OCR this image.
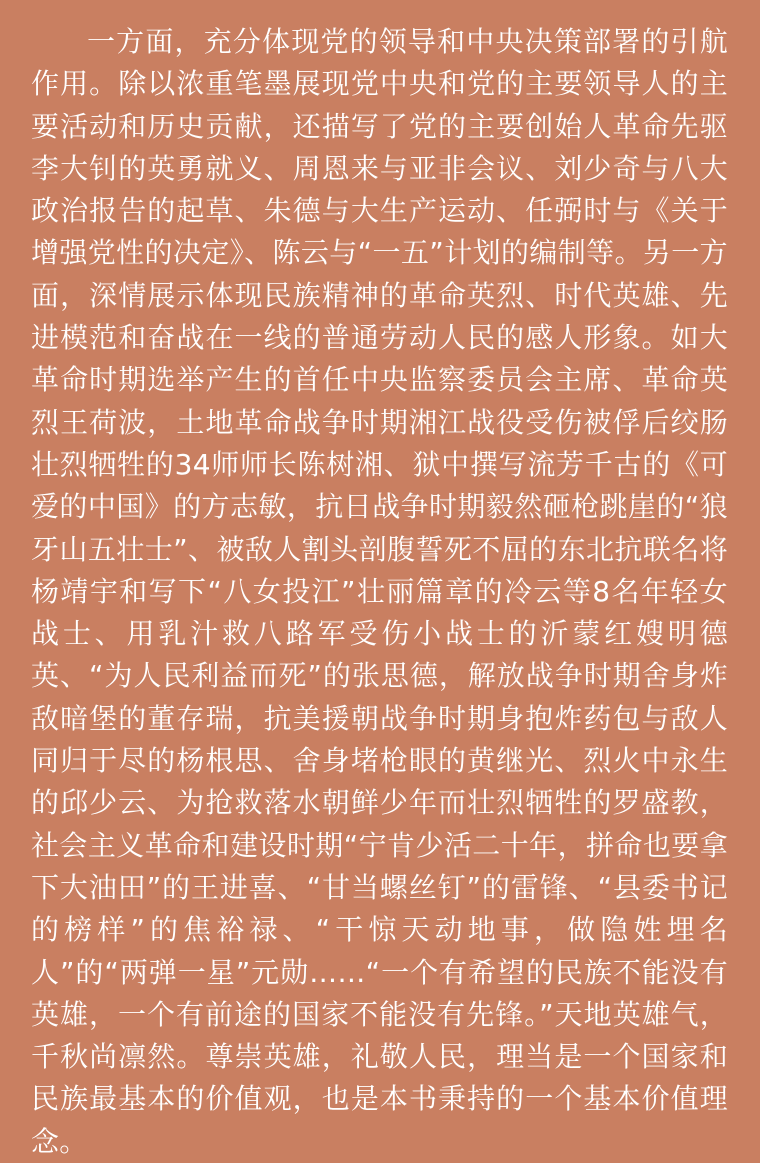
一方面，充分体现党的领导和中央决策部署的引航作用。除以浓重笔墨展现党中央和党的主要领导人的主要活动和历史贡献，还描写了党的主要创始人革命先驱李大钊的英勇就义、周恩来与亚非会议、刘少奇与八大政治报告的起草、朱德与大生产运动、任弼时与《关于增强党性的决定》、陈云与“一五”计划的编制等。另一方面，深情展示体现民族精神的革命英烈、时代英雄、先进模范和奋战在一线的普通劳动人民的感人形象。如大革命时期选举产生的首任中央监察委员会主席、革命英烈王荷波，土地革命战争时期湘江战役受伤被俘后绞肠壮烈牺牲的34师师长陈树湘、狱中撰写流芳千古的《可爱的中国》的方志敏，抗日战争时期毅然砸枪跳崖的“狼牙山五壮士”、被敌人割头剖腹誓死不屈的东北抗联名将杨靖宇和写下“八女投江”壮丽篇章的冷云等8名年轻女战士、用乳汁救八路军受伤小战士的沂蒙红嫂明德英、“为人民利益而死”的张思德，解放战争时期舍身炸敌暗堡的董存瑞，抗美援朝战争时期身抱炸药包与敌人同归于尽的杨根思、舍身堵枪眼的黄继光、烈火中永生的邱少云、为抢救落水朝鲜少年而壮烈牺牲的罗盛教，社会主义革命和建设时期“宁肯少活二十年，拼命也要拿下大油田”的王进喜、“甘当螺丝钉”的雷锋、“县委书记的榜样”的焦裕禄、“干惊天动地事，做隐姓埋名人”的“两弹一星”元勋……“一个有希望的民族不能没有英雄，一个有前途的国家不能没有先锋。”天地英雄气，千秋尚凛然。尊崇英雄，礼敬人民，理当是一个国家和民族最基本的价值观，也是本书秉持的一个基本价值理念。
